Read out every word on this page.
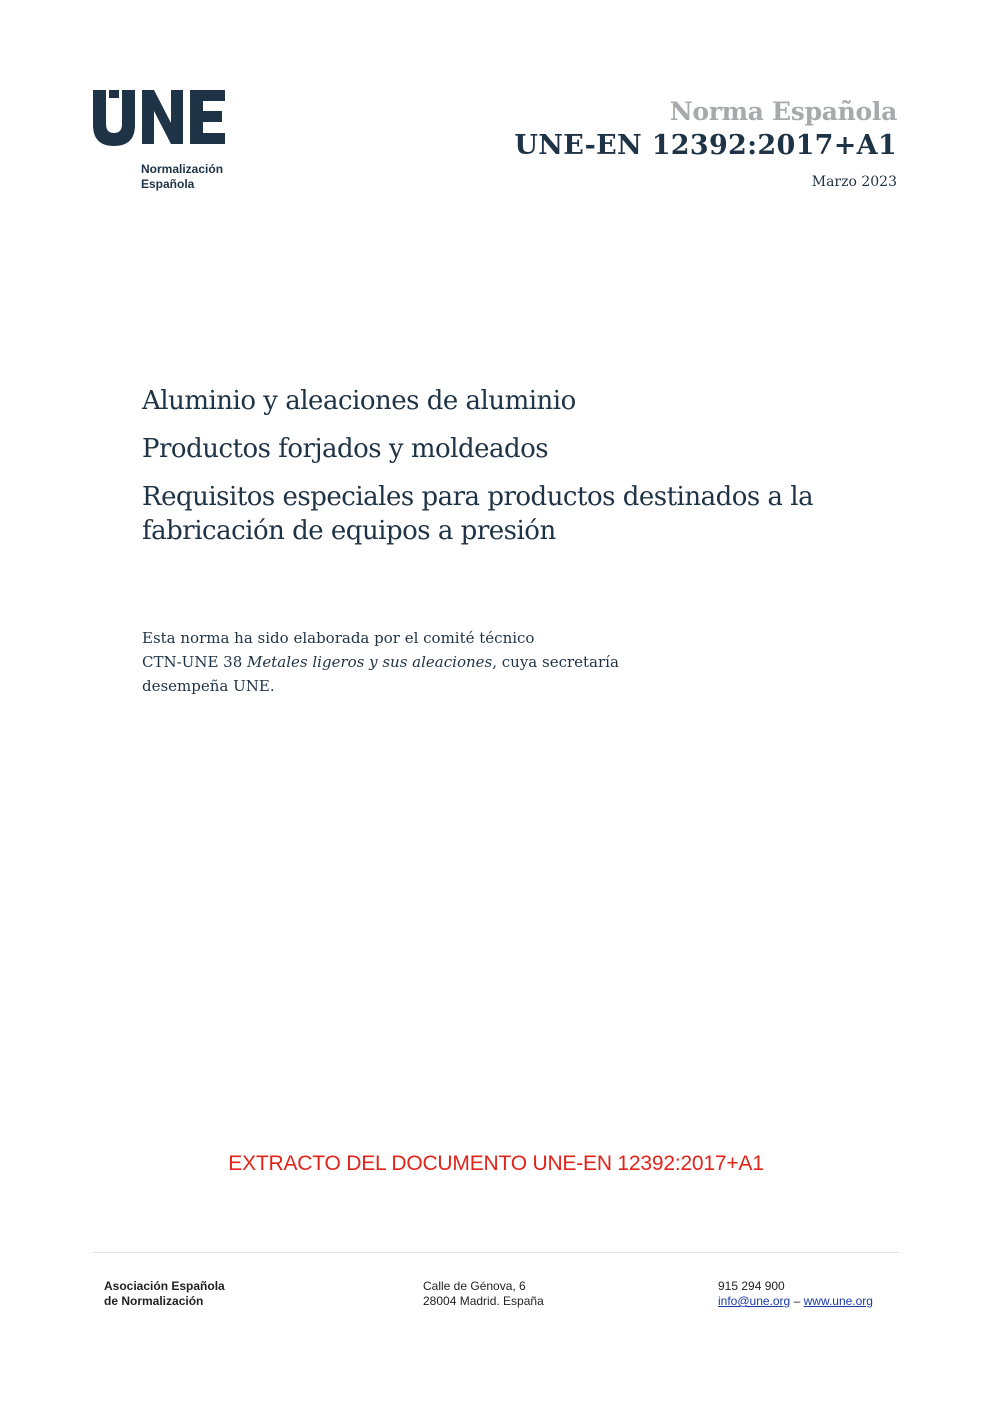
Normalización
Española
Norma Española
UNE-EN 12392:2017+A1
Marzo 2023

Aluminio y aleaciones de aluminio

Productos forjados y moldeados

Requisitos especiales para productos destinados a la fabricación de equipos a presión

Esta norma ha sido elaborada por el comité técnico
CTN-UNE 38 Metales ligeros y sus aleaciones, cuya secretaría
desempeña UNE.
EXTRACTO DEL DOCUMENTO UNE-EN 12392:2017+A1
Asociación Española
de Normalización
Calle de Génova, 6
28004 Madrid. España
915 294 900
info@une.org – www.une.org
